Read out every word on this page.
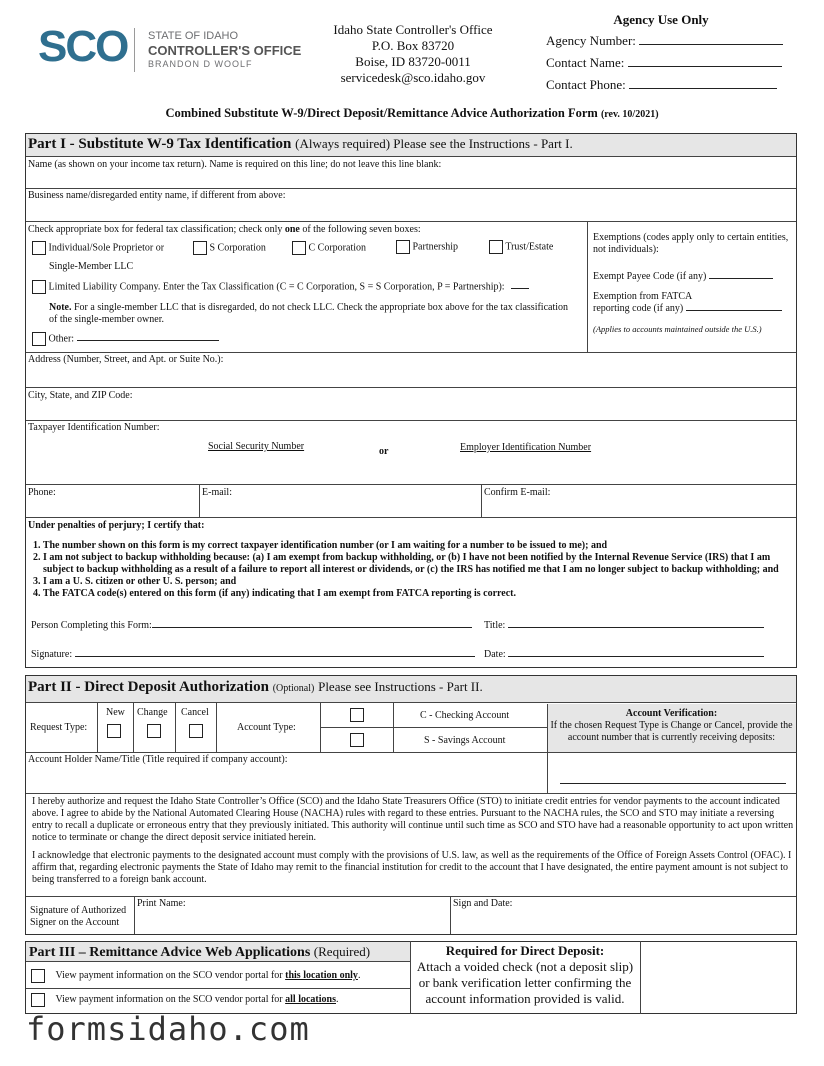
SCO STATE OF IDAHO
CONTROLLER'S OFFICE
BRANDON D WOOLF
Idaho State Controller's Office
P.O. Box 83720
Boise, ID 83720-0011
servicedesk@sco.idaho.gov
Agency Use Only
Agency Number:
Contact Name:
Contact Phone:
Combined Substitute W-9/Direct Deposit/Remittance Advice Authorization Form (rev. 10/2021)
Part I - Substitute W-9 Tax Identification (Always required) Please see the Instructions - Part I.
Name (as shown on your income tax return). Name is required on this line; do not leave this line blank:
Business name/disregarded entity name, if different from above:
Check appropriate box for federal tax classification; check only one of the following seven boxes:
Individual/Sole Proprietor or
Single-Member LLC
S Corporation	C Corporation	Partnership	Trust/Estate
Limited Liability Company. Enter the Tax Classification (C = C Corporation, S = S Corporation, P = Partnership):
Note. For a single-member LLC that is disregarded, do not check LLC. Check the appropriate box above for the tax classification of the single-member owner.
Other:
Exemptions (codes apply only to certain entities, not individuals):
Exempt Payee Code (if any)
Exemption from FATCA
reporting code (if any)
(Applies to accounts maintained outside the U.S.)
Address (Number, Street, and Apt. or Suite No.):
City, State, and ZIP Code:
Taxpayer Identification Number:
Social Security Number	or	Employer Identification Number
Phone:	E-mail:	Confirm E-mail:
Under penalties of perjury; I certify that:
1. The number shown on this form is my correct taxpayer identification number (or I am waiting for a number to be issued to me); and
2. I am not subject to backup withholding because: (a) I am exempt from backup withholding, or (b) I have not been notified by the Internal Revenue Service (IRS) that I am subject to backup withholding as a result of a failure to report all interest or dividends, or (c) the IRS has notified me that I am no longer subject to backup withholding; and
3. I am a U. S. citizen or other U. S. person; and
4. The FATCA code(s) entered on this form (if any) indicating that I am exempt from FATCA reporting is correct.
Person Completing this Form:	Title:
Signature:	Date:
Part II - Direct Deposit Authorization (Optional) Please see Instructions - Part II.
Request Type:
New Change Cancel
Account Type:
C - Checking Account
S - Savings Account
Account Verification:
If the chosen Request Type is Change or Cancel, provide the account number that is currently receiving deposits:
Account Holder Name/Title (Title required if company account):
I hereby authorize and request the Idaho State Controller’s Office (SCO) and the Idaho State Treasurers Office (STO) to initiate credit entries for vendor payments to the account indicated above. I agree to abide by the National Automated Clearing House (NACHA) rules with regard to these entries. Pursuant to the NACHA rules, the SCO and STO may initiate a reversing entry to recall a duplicate or erroneous entry that they previously initiated. This authority will continue until such time as SCO and STO have had a reasonable opportunity to act upon written notice to terminate or change the direct deposit service initiated herein.
I acknowledge that electronic payments to the designated account must comply with the provisions of U.S. law, as well as the requirements of the Office of Foreign Assets Control (OFAC). I affirm that, regarding electronic payments the State of Idaho may remit to the financial institution for credit to the account that I have designated, the entire payment amount is not subject to being transferred to a foreign bank account.
Signature of Authorized
Signer on the Account
Print Name:	Sign and Date:
Part III – Remittance Advice Web Applications (Required)
View payment information on the SCO vendor portal for this location only.
View payment information on the SCO vendor portal for all locations.
Required for Direct Deposit:
Attach a voided check (not a deposit slip) or bank verification letter confirming the account information provided is valid.
formsidaho.com
